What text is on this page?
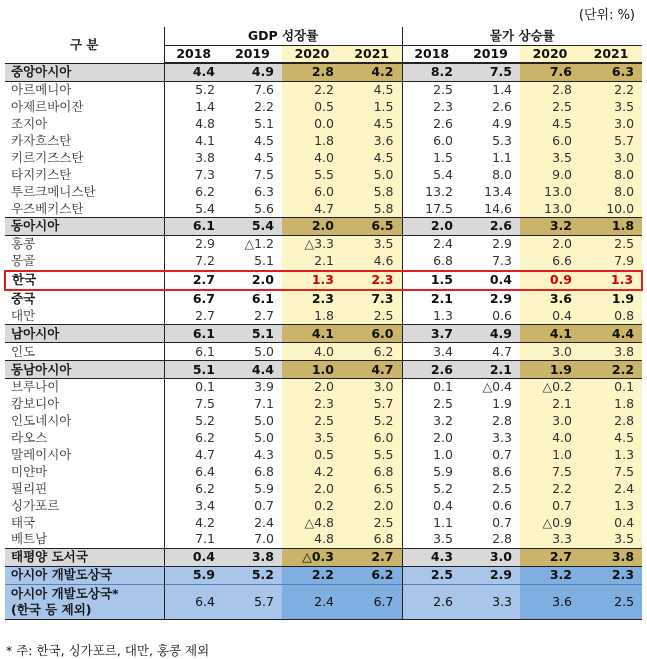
(단위: %)
구 분	GDP 성장률				물가 상승률			
	2018	2019	2020	2021	2018	2019	2020	2021
중앙아시아	4.4	4.9	2.8	4.2	8.2	7.5	7.6	6.3
아르메니아	5.2	7.6	2.2	4.5	2.5	1.4	2.8	2.2
아제르바이잔	1.4	2.2	0.5	1.5	2.3	2.6	2.5	3.5
조지아	4.8	5.1	0.0	4.5	2.6	4.9	4.5	3.0
카자흐스탄	4.1	4.5	1.8	3.6	6.0	5.3	6.0	5.7
키르기즈스탄	3.8	4.5	4.0	4.5	1.5	1.1	3.5	3.0
타지키스탄	7.3	7.5	5.5	5.0	5.4	8.0	9.0	8.0
투르크메니스탄	6.2	6.3	6.0	5.8	13.2	13.4	13.0	8.0
우즈베키스탄	5.4	5.6	4.7	5.8	17.5	14.6	13.0	10.0
동아시아	6.1	5.4	2.0	6.5	2.0	2.6	3.2	1.8
홍콩	2.9	△1.2	△3.3	3.5	2.4	2.9	2.0	2.5
몽골	7.2	5.1	2.1	4.6	6.8	7.3	6.6	7.9
한국	2.7	2.0	1.3	2.3	1.5	0.4	0.9	1.3
중국	6.7	6.1	2.3	7.3	2.1	2.9	3.6	1.9
대만	2.7	2.7	1.8	2.5	1.3	0.6	0.4	0.8
남아시아	6.1	5.1	4.1	6.0	3.7	4.9	4.1	4.4
인도	6.1	5.0	4.0	6.2	3.4	4.7	3.0	3.8
동남아시아	5.1	4.4	1.0	4.7	2.6	2.1	1.9	2.2
브루나이	0.1	3.9	2.0	3.0	0.1	△0.4	△0.2	0.1
캄보디아	7.5	7.1	2.3	5.7	2.5	1.9	2.1	1.8
인도네시아	5.2	5.0	2.5	5.2	3.2	2.8	3.0	2.8
라오스	6.2	5.0	3.5	6.0	2.0	3.3	4.0	4.5
말레이시아	4.7	4.3	0.5	5.5	1.0	0.7	1.0	1.3
미얀마	6.4	6.8	4.2	6.8	5.9	8.6	7.5	7.5
필리핀	6.2	5.9	2.0	6.5	5.2	2.5	2.2	2.4
싱가포르	3.4	0.7	0.2	2.0	0.4	0.6	0.7	1.3
태국	4.2	2.4	△4.8	2.5	1.1	0.7	△0.9	0.4
베트남	7.1	7.0	4.8	6.8	3.5	2.8	3.3	3.5
태평양 도서국	0.4	3.8	△0.3	2.7	4.3	3.0	2.7	3.8
아시아 개발도상국	5.9	5.2	2.2	6.2	2.5	2.9	3.2	2.3

아시아 개발도상국*
(한국 등 제외)	6.4	5.7	2.4	6.7	2.6	3.3	3.6	2.5
* 주: 한국, 싱가포르, 대만, 홍콩 제외
